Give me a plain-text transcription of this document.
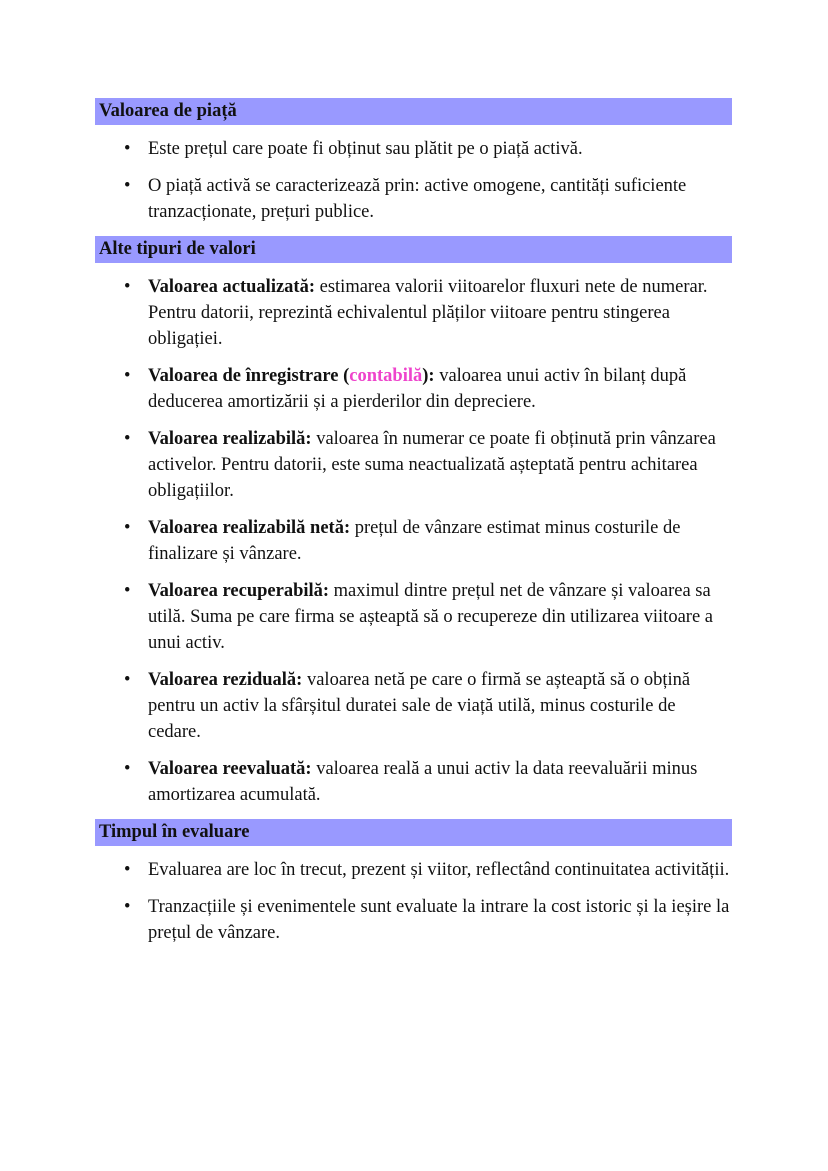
Valoarea de piață
• Este prețul care poate fi obținut sau plătit pe o piață activă.
• O piață activă se caracterizează prin: active omogene, cantități suficiente tranzacționate, prețuri publice.
Alte tipuri de valori
• Valoarea actualizată: estimarea valorii viitoarelor fluxuri nete de numerar. Pentru datorii, reprezintă echivalentul plăților viitoare pentru stingerea obligației.
• Valoarea de înregistrare (contabilă): valoarea unui activ în bilanț după deducerea amortizării și a pierderilor din depreciere.
• Valoarea realizabilă: valoarea în numerar ce poate fi obținută prin vânzarea activelor. Pentru datorii, este suma neactualizată așteptată pentru achitarea obligațiilor.
• Valoarea realizabilă netă: prețul de vânzare estimat minus costurile de finalizare și vânzare.
• Valoarea recuperabilă: maximul dintre prețul net de vânzare și valoarea sa utilă. Suma pe care firma se așteaptă să o recupereze din utilizarea viitoare a unui activ.
• Valoarea reziduală: valoarea netă pe care o firmă se așteaptă să o obțină pentru un activ la sfârșitul duratei sale de viață utilă, minus costurile de cedare.
• Valoarea reevaluată: valoarea reală a unui activ la data reevaluării minus amortizarea acumulată.
Timpul în evaluare
• Evaluarea are loc în trecut, prezent și viitor, reflectând continuitatea activității.
• Tranzacțiile și evenimentele sunt evaluate la intrare la cost istoric și la ieșire la prețul de vânzare.
